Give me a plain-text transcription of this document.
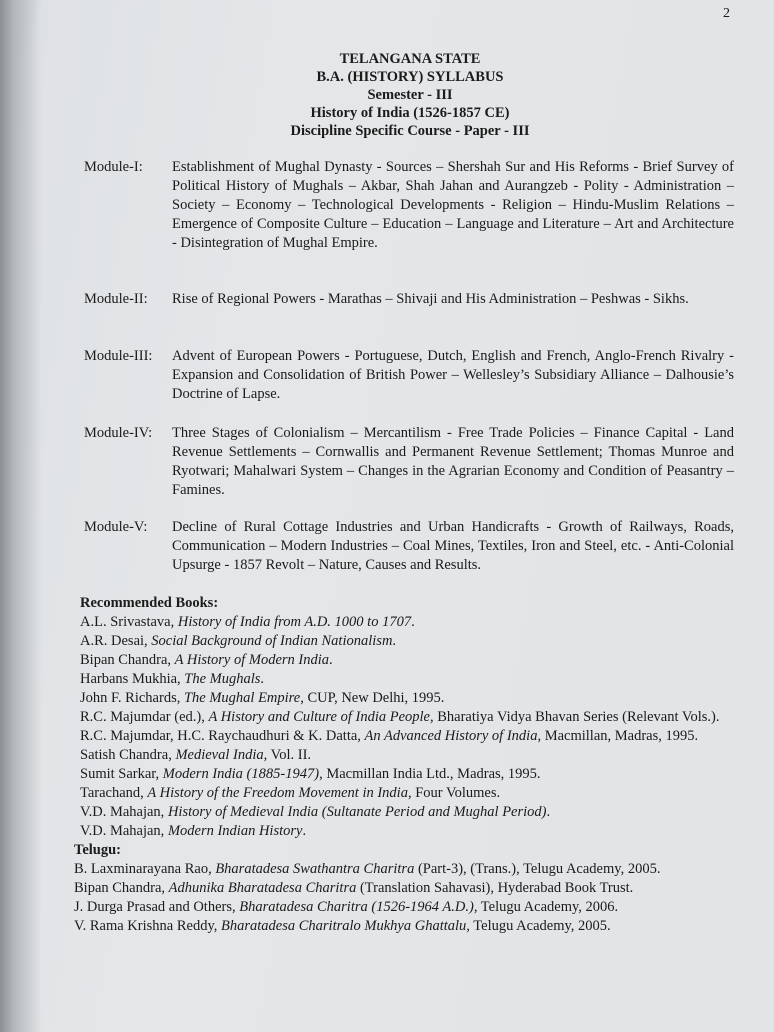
2
TELANGANA STATE
B.A. (HISTORY) SYLLABUS
Semester - III
History of India (1526-1857 CE)
Discipline Specific Course - Paper - III
Module-I:	Establishment of Mughal Dynasty - Sources – Shershah Sur and His Reforms - Brief Survey of Political History of Mughals – Akbar, Shah Jahan and Aurangzeb - Polity - Administration – Society – Economy – Technological Developments - Religion – Hindu-Muslim Relations – Emergence of Composite Culture – Education – Language and Literature – Art and Architecture - Disintegration of Mughal Empire.
Module-II:	Rise of Regional Powers - Marathas – Shivaji and His Administration – Peshwas - Sikhs.
Module-III:	Advent of European Powers - Portuguese, Dutch, English and French, Anglo-French Rivalry - Expansion and Consolidation of British Power – Wellesley’s Subsidiary Alliance – Dalhousie’s Doctrine of Lapse.
Module-IV:	Three Stages of Colonialism – Mercantilism - Free Trade Policies – Finance Capital - Land Revenue Settlements – Cornwallis and Permanent Revenue Settlement; Thomas Munroe and Ryotwari; Mahalwari System – Changes in the Agrarian Economy and Condition of Peasantry – Famines.
Module-V:	Decline of Rural Cottage Industries and Urban Handicrafts - Growth of Railways, Roads, Communication – Modern Industries – Coal Mines, Textiles, Iron and Steel, etc. - Anti-Colonial Upsurge - 1857 Revolt – Nature, Causes and Results.
Recommended Books:
A.L. Srivastava, History of India from A.D. 1000 to 1707.
A.R. Desai, Social Background of Indian Nationalism.
Bipan Chandra, A History of Modern India.
Harbans Mukhia, The Mughals.
John F. Richards, The Mughal Empire, CUP, New Delhi, 1995.
R.C. Majumdar (ed.), A History and Culture of India People, Bharatiya Vidya Bhavan Series (Relevant Vols.).
R.C. Majumdar, H.C. Raychaudhuri & K. Datta, An Advanced History of India, Macmillan, Madras, 1995.
Satish Chandra, Medieval India, Vol. II.
Sumit Sarkar, Modern India (1885-1947), Macmillan India Ltd., Madras, 1995.
Tarachand, A History of the Freedom Movement in India, Four Volumes.
V.D. Mahajan, History of Medieval India (Sultanate Period and Mughal Period).
V.D. Mahajan, Modern Indian History.
Telugu:
B. Laxminarayana Rao, Bharatadesa Swathantra Charitra (Part-3), (Trans.), Telugu Academy, 2005.
Bipan Chandra, Adhunika Bharatadesa Charitra (Translation Sahavasi), Hyderabad Book Trust.
J. Durga Prasad and Others, Bharatadesa Charitra (1526-1964 A.D.), Telugu Academy, 2006.
V. Rama Krishna Reddy, Bharatadesa Charitralo Mukhya Ghattalu, Telugu Academy, 2005.
